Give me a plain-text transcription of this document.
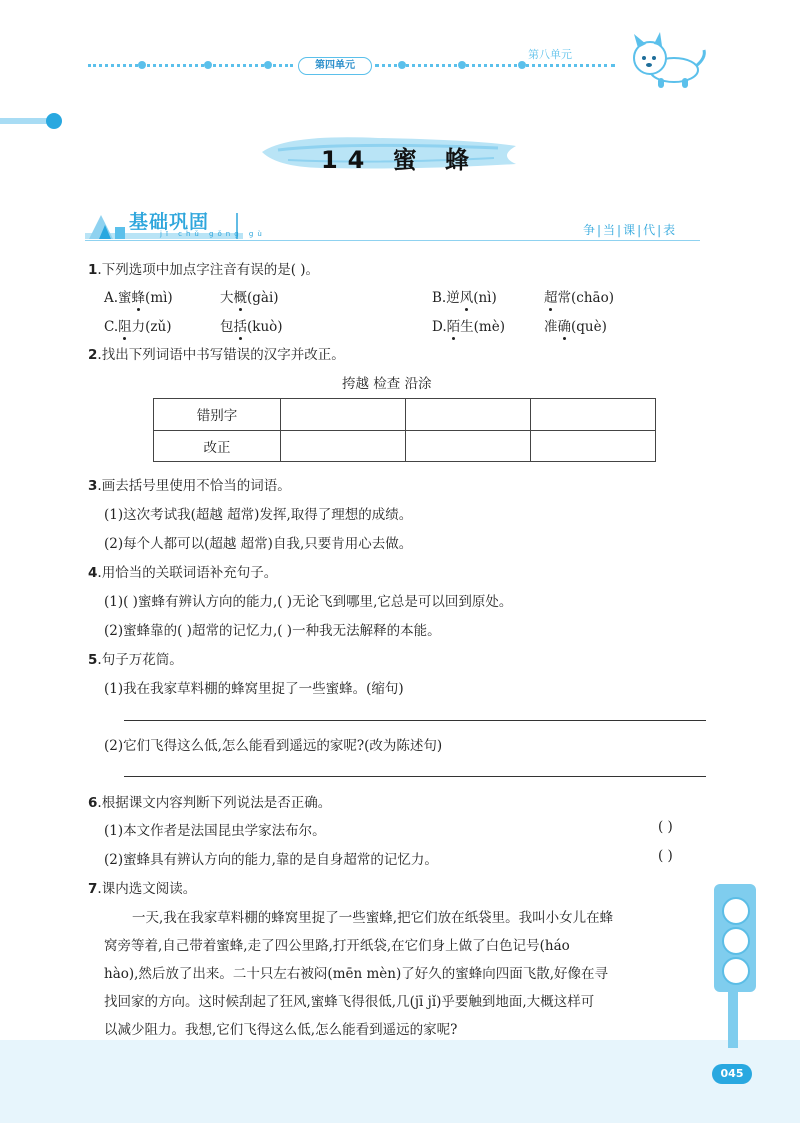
第四单元
第八单元
14 蜜 蜂
基础巩固
jī chǔ gǒng gù	争|当|课|代|表
1.下列选项中加点字注音有误的是( )。
A.蜜蜂(mì)	大概(gài)	B.逆风(nì)	超常(chāo)
C.阻力(zǔ)	包括(kuò)	D.陌生(mè)	准确(què)
2.找出下列词语中书写错误的汉字并改正。
挎越 检查 沿涂
错别字			
改正			
3.画去括号里使用不恰当的词语。
(1)这次考试我(超越 超常)发挥,取得了理想的成绩。
(2)每个人都可以(超越 超常)自我,只要肯用心去做。
4.用恰当的关联词语补充句子。
(1)( )蜜蜂有辨认方向的能力,( )无论飞到哪里,它总是可以回到原处。
(2)蜜蜂靠的( )超常的记忆力,( )一种我无法解释的本能。
5.句子万花筒。
(1)我在我家草料棚的蜂窝里捉了一些蜜蜂。(缩句)
(2)它们飞得这么低,怎么能看到遥远的家呢?(改为陈述句)
6.根据课文内容判断下列说法是否正确。
(1)本文作者是法国昆虫学家法布尔。	( )
(2)蜜蜂具有辨认方向的能力,靠的是自身超常的记忆力。	( )
7.课内选文阅读。
一天,我在我家草料棚的蜂窝里捉了一些蜜蜂,把它们放在纸袋里。我叫小女儿在蜂
窝旁等着,自己带着蜜蜂,走了四公里路,打开纸袋,在它们身上做了白色记号(háo
hào),然后放了出来。二十只左右被闷(mēn mèn)了好久的蜜蜂向四面飞散,好像在寻
找回家的方向。这时候刮起了狂风,蜜蜂飞得很低,几(jī jǐ)乎要触到地面,大概这样可
以减少阻力。我想,它们飞得这么低,怎么能看到遥远的家呢?
045
